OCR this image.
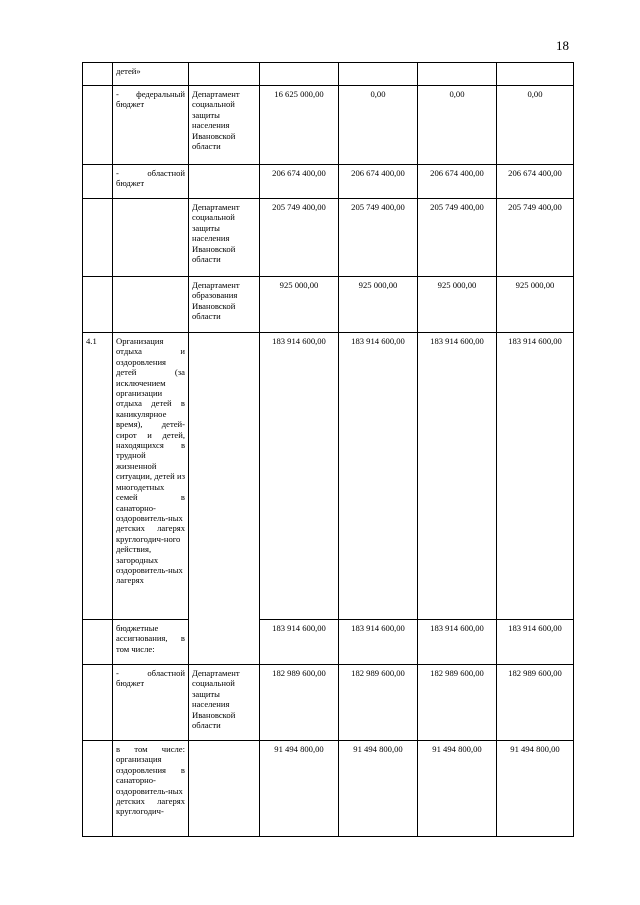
18
	детей»					
	- федеральный бюджет	Департамент социальной защиты населения Ивановской области	16 625 000,00	0,00	0,00	0,00
	- областной бюджет		206 674 400,00	206 674 400,00	206 674 400,00	206 674 400,00
		Департамент социальной защиты населения Ивановской области	205 749 400,00	205 749 400,00	205 749 400,00	205 749 400,00
		Департамент образования Ивановской области	925 000,00	925 000,00	925 000,00	925 000,00
4.1	Организация отдыха и оздоровления детей (за исключением организации отдыха детей в каникулярное время), детей-сирот и детей, находящихся в трудной жизненной ситуации, детей из многодетных семей в санаторно-оздоровитель-ных детских лагерях круглогодич-ного действия, загородных оздоровитель-ных лагерях		183 914 600,00	183 914 600,00	183 914 600,00	183 914 600,00
	бюджетные ассигнования, в том числе:		183 914 600,00	183 914 600,00	183 914 600,00	183 914 600,00
	- областной бюджет	Департамент социальной защиты населения Ивановской области	182 989 600,00	182 989 600,00	182 989 600,00	182 989 600,00
	в том числе: организация оздоровления в санаторно-оздоровитель-ных детских лагерях круглогодич-		91 494 800,00	91 494 800,00	91 494 800,00	91 494 800,00
